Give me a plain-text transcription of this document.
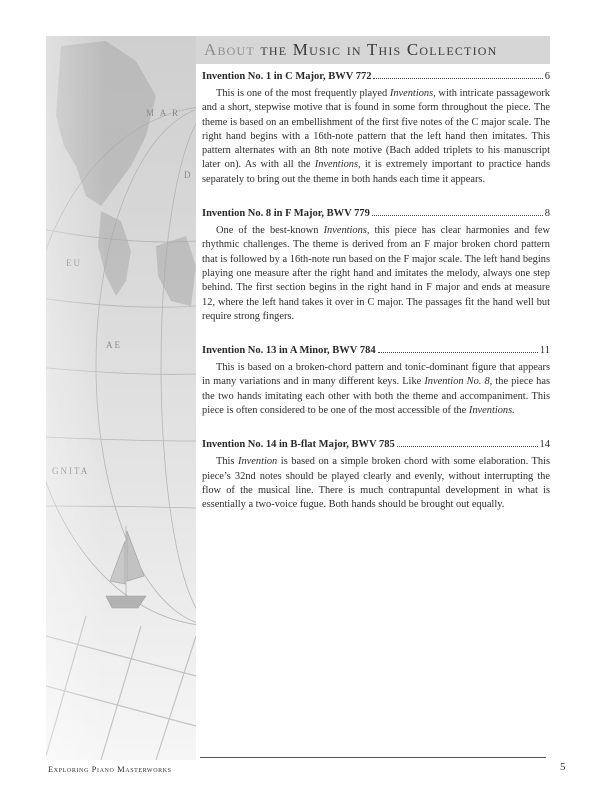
M A R
D
AE
About the Music in This Collection
Invention No. 1 in C Major, BWV 772	6

This is one of the most frequently played Inventions, with intricate passagework and a short, stepwise motive that is found in some form throughout the piece. The theme is based on an embellishment of the first five notes of the C major scale. The right hand begins with a 16th-note pattern that the left hand then imitates. This pattern alternates with an 8th note motive (Bach added triplets to his manuscript later on). As with all the Inventions, it is extremely important to practice hands separately to bring out the theme in both hands each time it appears.

Invention No. 8 in F Major, BWV 779	8

One of the best-known Inventions, this piece has clear harmonies and few rhythmic challenges. The theme is derived from an F major broken chord pattern that is followed by a 16th-note run based on the F major scale. The left hand begins playing one measure after the right hand and imitates the melody, always one step behind. The first section begins in the right hand in F major and ends at measure 12, where the left hand takes it over in C major. The passages fit the hand well but require strong fingers.

Invention No. 13 in A Minor, BWV 784	11

This is based on a broken-chord pattern and tonic-dominant figure that appears in many variations and in many different keys. Like Invention No. 8, the piece has the two hands imitating each other with both the theme and accompaniment. This piece is often considered to be one of the most accessible of the Inventions.

Invention No. 14 in B-flat Major, BWV 785	14

This Invention is based on a simple broken chord with some elaboration. This piece’s 32nd notes should be played clearly and evenly, without interrupting the flow of the musical line. There is much contrapuntal development in what is essentially a two-voice fugue. Both hands should be brought out equally.

Exploring Piano Masterworks	5
